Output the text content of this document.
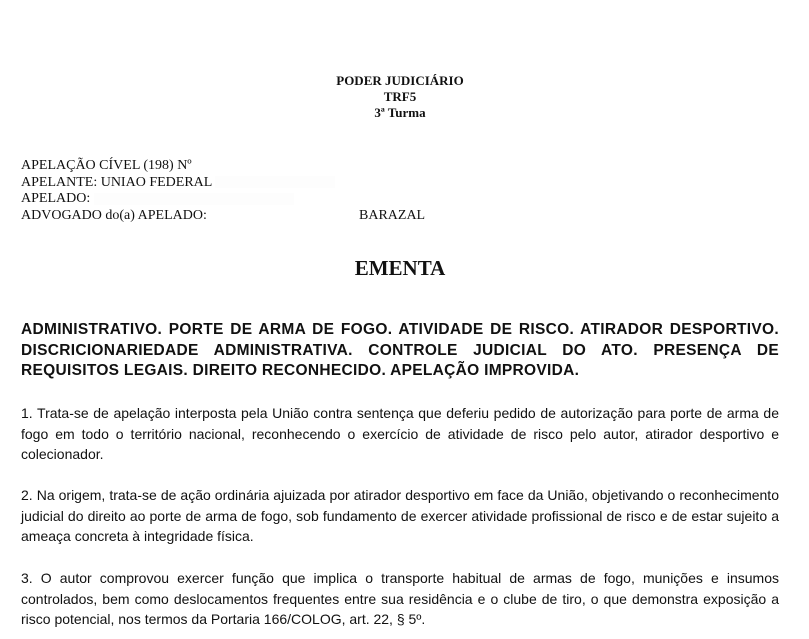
PODER JUDICIÁRIO
TRF5
3ª Turma
APELAÇÃO CÍVEL (198) Nº
APELANTE: UNIAO FEDERAL
APELADO:
ADVOGADO do(a) APELADO:	BARAZAL
EMENTA
ADMINISTRATIVO. PORTE DE ARMA DE FOGO. ATIVIDADE DE RISCO. ATIRADOR DESPORTIVO. DISCRICIONARIEDADE ADMINISTRATIVA. CONTROLE JUDICIAL DO ATO. PRESENÇA DE REQUISITOS LEGAIS. DIREITO RECONHECIDO. APELAÇÃO IMPROVIDA.
1. Trata-se de apelação interposta pela União contra sentença que deferiu pedido de autorização para porte de arma de fogo em todo o território nacional, reconhecendo o exercício de atividade de risco pelo autor, atirador desportivo e colecionador.
2. Na origem, trata-se de ação ordinária ajuizada por atirador desportivo em face da União, objetivando o reconhecimento judicial do direito ao porte de arma de fogo, sob fundamento de exercer atividade profissional de risco e de estar sujeito a ameaça concreta à integridade física.
3. O autor comprovou exercer função que implica o transporte habitual de armas de fogo, munições e insumos controlados, bem como deslocamentos frequentes entre sua residência e o clube de tiro, o que demonstra exposição a risco potencial, nos termos da Portaria 166/COLOG, art. 22, § 5º.
